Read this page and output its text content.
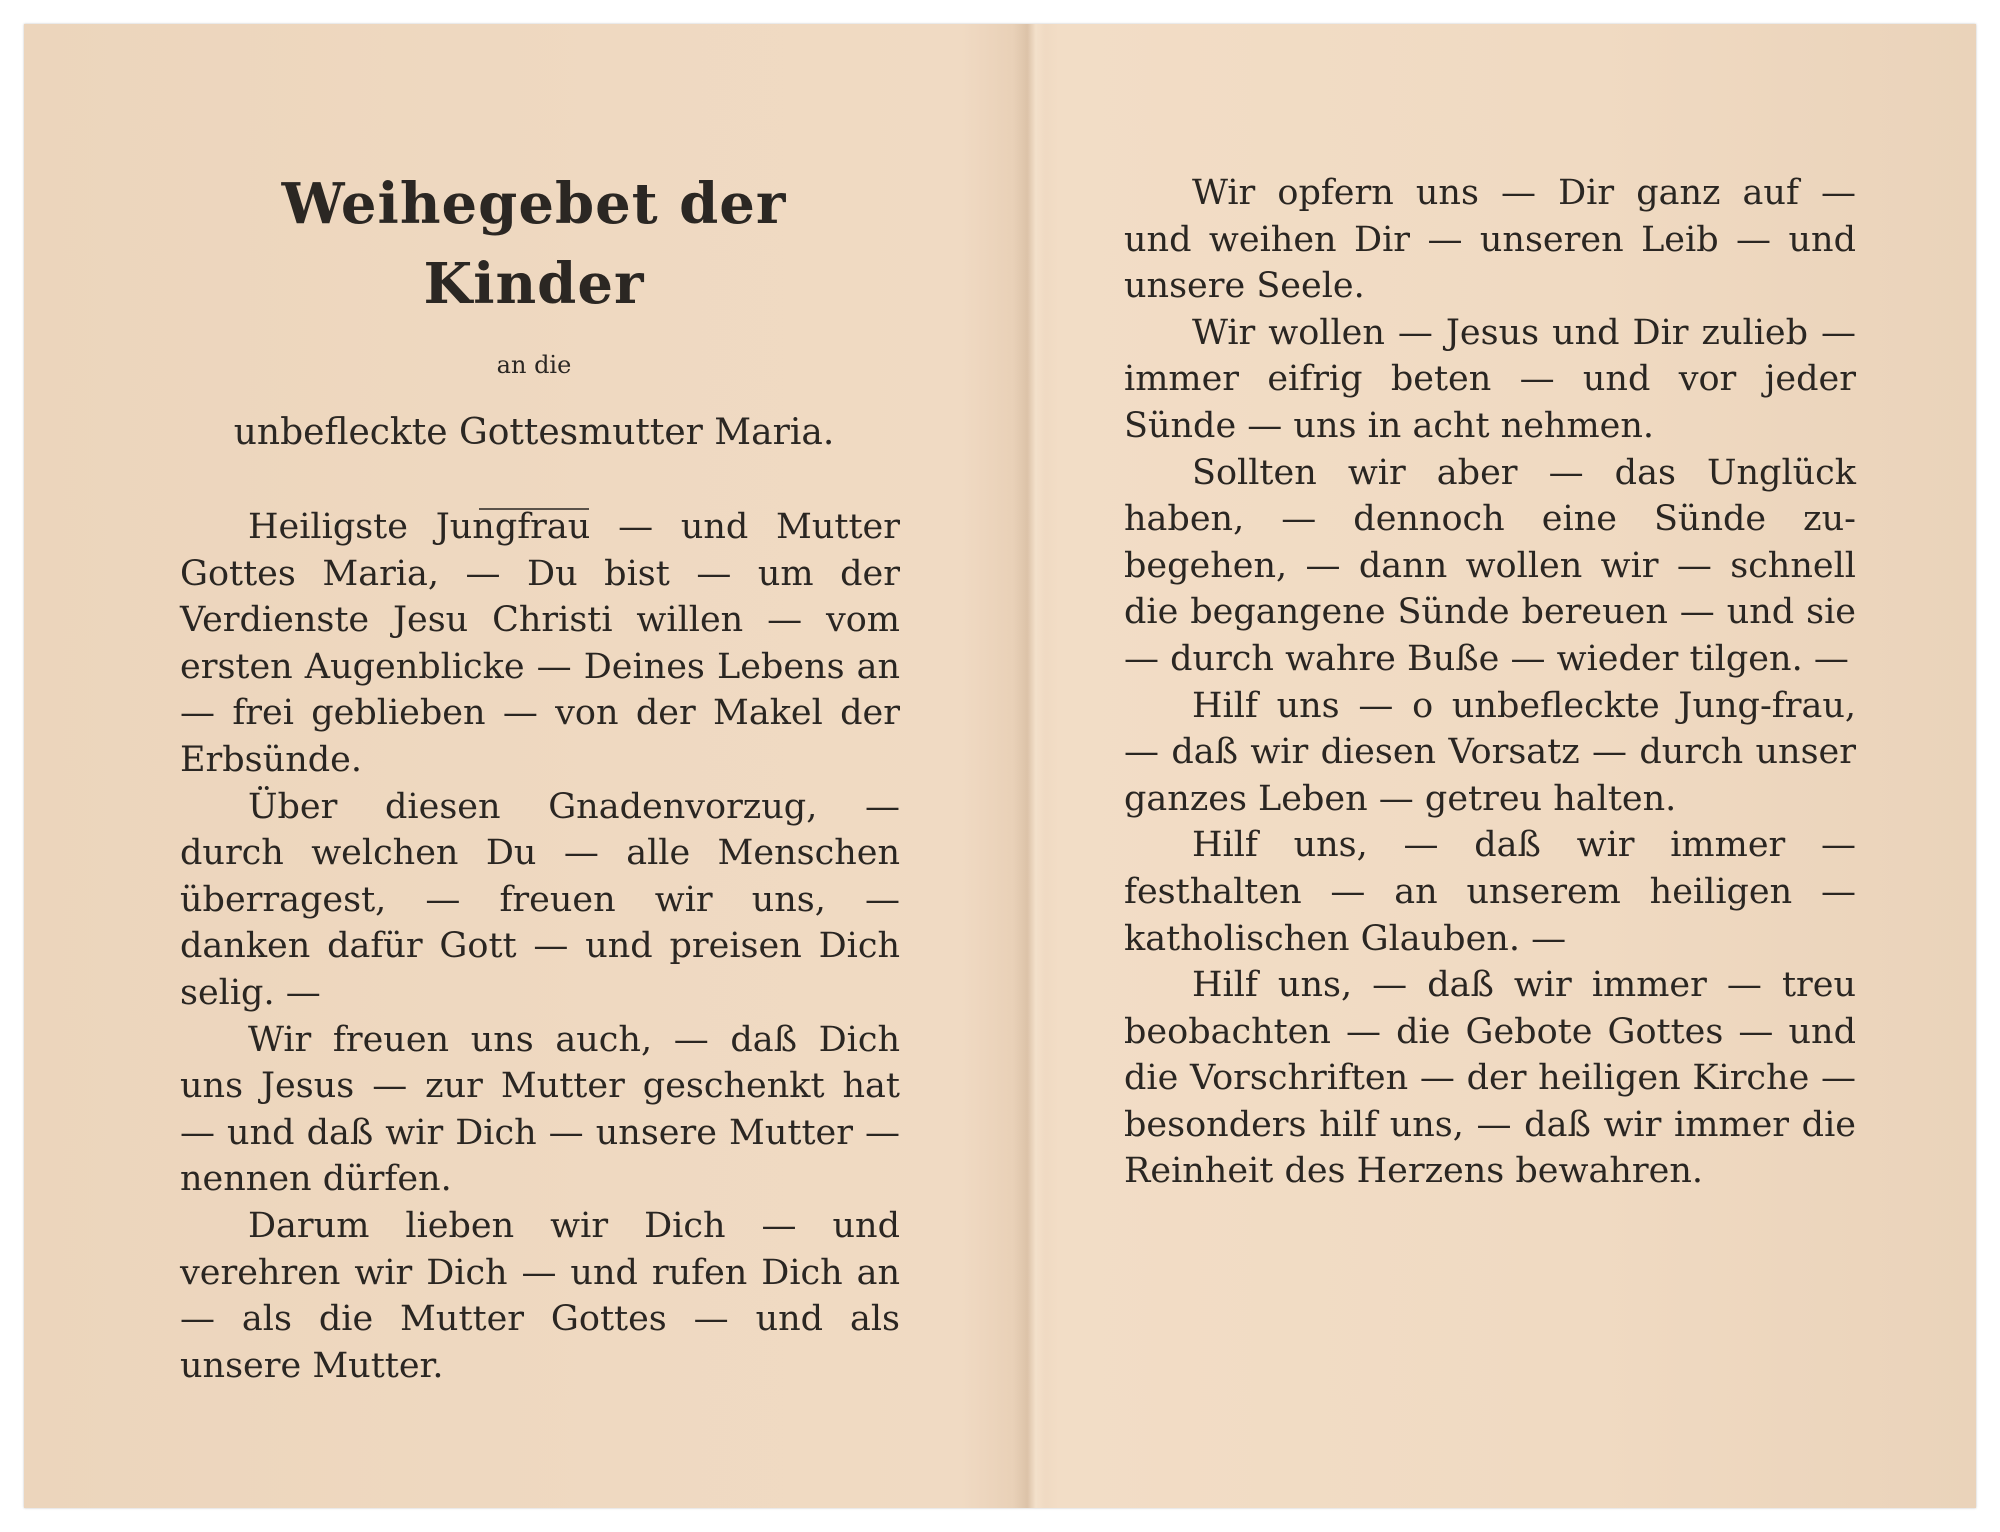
Weihegebet der Kinder
an die
unbefleckte Gottesmutter Maria.

Heiligste Jungfrau — und Mutter Gottes Maria, — Du bist — um der Verdienste Jesu Christi willen — vom ersten Augenblicke — Deines Lebens an — frei geblieben — von der Makel der Erbsünde.

Über diesen Gnadenvorzug, — durch welchen Du — alle Menschen überragest, — freuen wir uns, — danken dafür Gott — und preisen Dich selig. —

Wir freuen uns auch, — daß Dich uns Jesus — zur Mutter geschenkt hat — und daß wir Dich — unsere Mutter — nennen dürfen.

Darum lieben wir Dich — und verehren wir Dich — und rufen Dich an — als die Mutter Gottes — und als unsere Mutter.

Wir opfern uns — Dir ganz auf — und weihen Dir — unseren Leib — und unsere Seele.

Wir wollen — Jesus und Dir zulieb — immer eifrig beten — und vor jeder Sünde — uns in acht nehmen.

Sollten wir aber — das Unglück haben, — dennoch eine Sünde zu-begehen, — dann wollen wir — schnell die begangene Sünde bereuen — und sie — durch wahre Buße — wieder tilgen. —

Hilf uns — o unbefleckte Jung-frau, — daß wir diesen Vorsatz — durch unser ganzes Leben — getreu halten.

Hilf uns, — daß wir immer — festhalten — an unserem heiligen — katholischen Glauben. —

Hilf uns, — daß wir immer — treu beobachten — die Gebote Gottes — und die Vorschriften — der heiligen Kirche — besonders hilf uns, — daß wir immer die Reinheit des Herzens bewahren.
